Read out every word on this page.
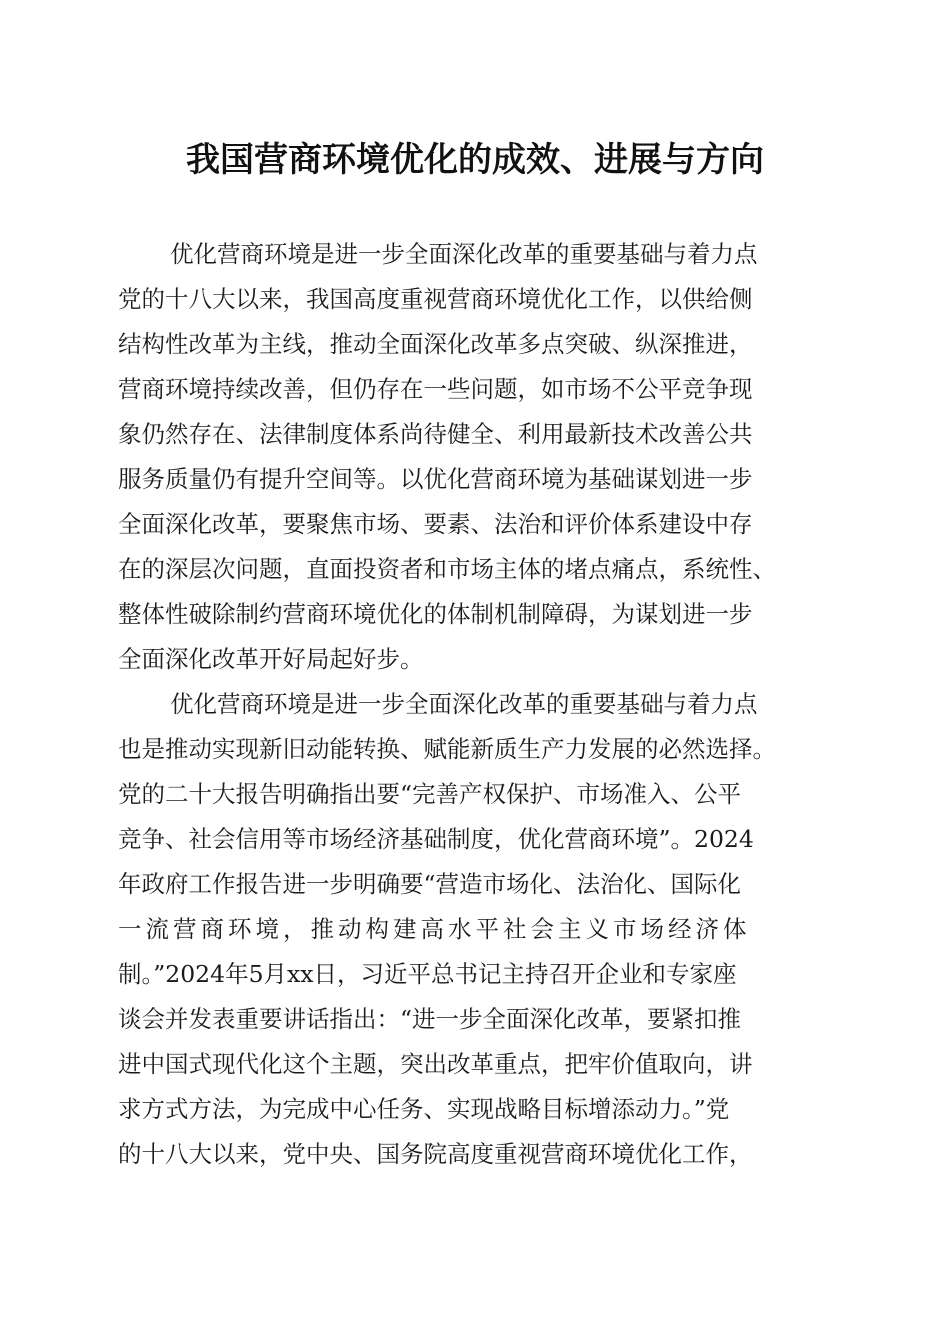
我国营商环境优化的成效、进展与方向

优化营商环境是进一步全面深化改革的重要基础与着力点

党的十八大以来，我国高度重视营商环境优化工作，以供给侧

结构性改革为主线，推动全面深化改革多点突破、纵深推进，

营商环境持续改善，但仍存在一些问题，如市场不公平竞争现

象仍然存在、法律制度体系尚待健全、利用最新技术改善公共

服务质量仍有提升空间等。以优化营商环境为基础谋划进一步

全面深化改革，要聚焦市场、要素、法治和评价体系建设中存

在的深层次问题，直面投资者和市场主体的堵点痛点，系统性、

整体性破除制约营商环境优化的体制机制障碍，为谋划进一步

全面深化改革开好局起好步。

优化营商环境是进一步全面深化改革的重要基础与着力点

也是推动实现新旧动能转换、赋能新质生产力发展的必然选择。

党的二十大报告明确指出要“完善产权保护、市场准入、公平

竞争、社会信用等市场经济基础制度，优化营商环境”。2024

年政府工作报告进一步明确要“营造市场化、法治化、国际化

一流营商环境，推动构建高水平社会主义市场经济体

制。”2024年5月xx日，习近平总书记主持召开企业和专家座

谈会并发表重要讲话指出：“进一步全面深化改革，要紧扣推

进中国式现代化这个主题，突出改革重点，把牢价值取向，讲

求方式方法，为完成中心任务、实现战略目标增添动力。”党

的十八大以来，党中央、国务院高度重视营商环境优化工作，
